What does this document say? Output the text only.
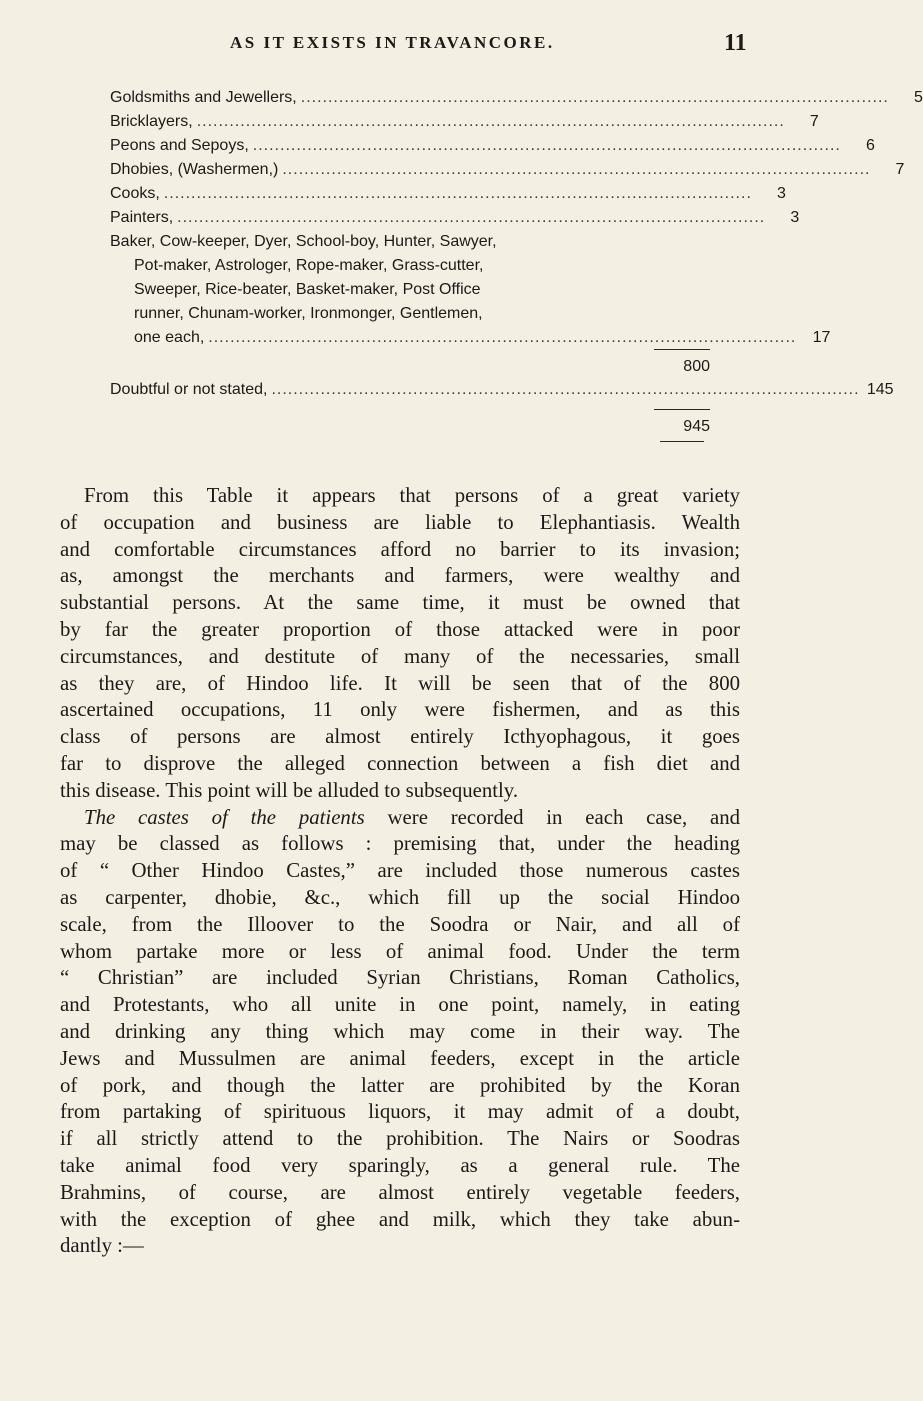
AS IT EXISTS IN TRAVANCORE.	11
Goldsmiths and Jewellers, ............................................................................................................	5
Bricklayers, ............................................................................................................	7
Peons and Sepoys, ............................................................................................................	6
Dhobies, (Washermen,) ............................................................................................................	7
Cooks, ............................................................................................................	3
Painters, ............................................................................................................	3
Baker, Cow-keeper, Dyer, School-boy, Hunter, Sawyer,
Pot-maker, Astrologer, Rope-maker, Grass-cutter,
Sweeper, Rice-beater, Basket-maker, Post Office
runner, Chunam-worker, Ironmonger, Gentlemen,
one each, ............................................................................................................	17
800
Doubtful or not stated, ............................................................................................................ 145
945
From this Table it appears that persons of a great variety
of occupation and business are liable to Elephantiasis. Wealth
and comfortable circumstances afford no barrier to its invasion;
as, amongst the merchants and farmers, were wealthy and
substantial persons. At the same time, it must be owned that
by far the greater proportion of those attacked were in poor
circumstances, and destitute of many of the necessaries, small
as they are, of Hindoo life. It will be seen that of the 800
ascertained occupations, 11 only were fishermen, and as this
class of persons are almost entirely Icthyophagous, it goes
far to disprove the alleged connection between a fish diet and
this disease. This point will be alluded to subsequently.
The castes of the patients were recorded in each case, and
may be classed as follows : premising that, under the heading
of “ Other Hindoo Castes,” are included those numerous castes
as carpenter, dhobie, &c., which fill up the social Hindoo
scale, from the Illoover to the Soodra or Nair, and all of
whom partake more or less of animal food. Under the term
“ Christian” are included Syrian Christians, Roman Catholics,
and Protestants, who all unite in one point, namely, in eating
and drinking any thing which may come in their way. The
Jews and Mussulmen are animal feeders, except in the article
of pork, and though the latter are prohibited by the Koran
from partaking of spirituous liquors, it may admit of a doubt,
if all strictly attend to the prohibition. The Nairs or Soodras
take animal food very sparingly, as a general rule. The
Brahmins, of course, are almost entirely vegetable feeders,
with the exception of ghee and milk, which they take abun-
dantly :—
